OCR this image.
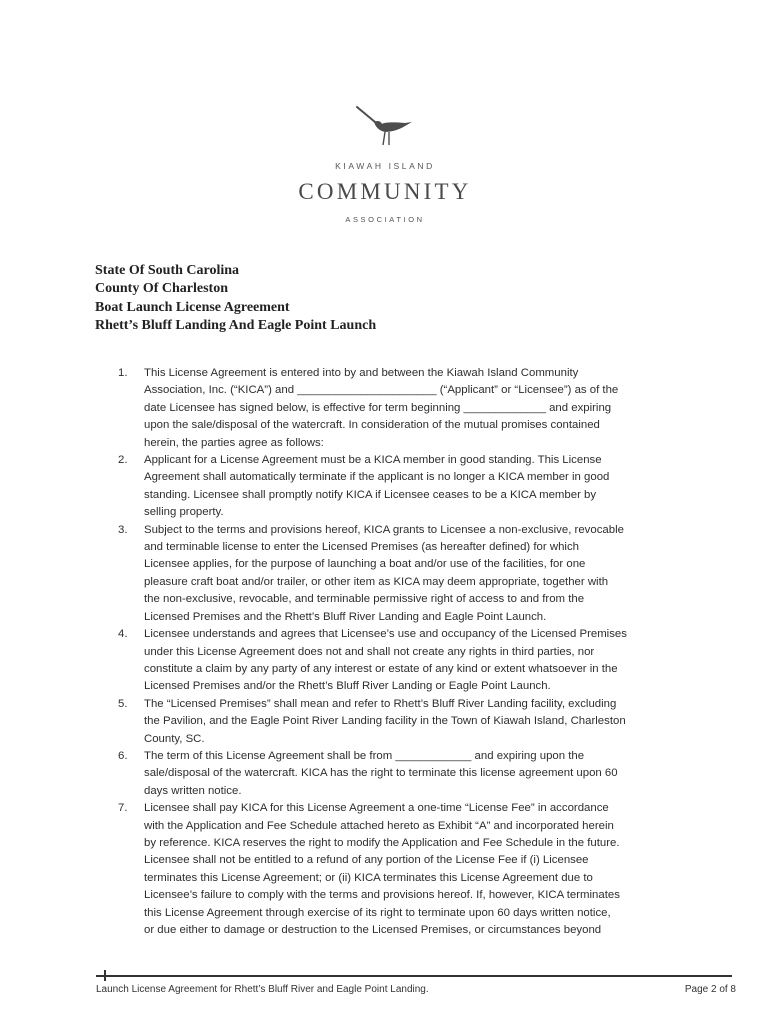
KIAWAH ISLAND
COMMUNITY
ASSOCIATION
State Of South Carolina
County Of Charleston
Boat Launch License Agreement
Rhett’s Bluff Landing And Eagle Point Launch
1. This License Agreement is entered into by and between the Kiawah Island Community
Association, Inc. (“KICA”) and ______________________ (“Applicant” or “Licensee”) as of the
date Licensee has signed below, is effective for term beginning _____________ and expiring
upon the sale/disposal of the watercraft. In consideration of the mutual promises contained
herein, the parties agree as follows:
2. Applicant for a License Agreement must be a KICA member in good standing. This License
Agreement shall automatically terminate if the applicant is no longer a KICA member in good
standing. Licensee shall promptly notify KICA if Licensee ceases to be a KICA member by
selling property.
3. Subject to the terms and provisions hereof, KICA grants to Licensee a non-exclusive, revocable
and terminable license to enter the Licensed Premises (as hereafter defined) for which
Licensee applies, for the purpose of launching a boat and/or use of the facilities, for one
pleasure craft boat and/or trailer, or other item as KICA may deem appropriate, together with
the non-exclusive, revocable, and terminable permissive right of access to and from the
Licensed Premises and the Rhett’s Bluff River Landing and Eagle Point Launch.
4. Licensee understands and agrees that Licensee’s use and occupancy of the Licensed Premises
under this License Agreement does not and shall not create any rights in third parties, nor
constitute a claim by any party of any interest or estate of any kind or extent whatsoever in the
Licensed Premises and/or the Rhett’s Bluff River Landing or Eagle Point Launch.
5. The “Licensed Premises” shall mean and refer to Rhett’s Bluff River Landing facility, excluding
the Pavilion, and the Eagle Point River Landing facility in the Town of Kiawah Island, Charleston
County, SC.
6. The term of this License Agreement shall be from ____________ and expiring upon the
sale/disposal of the watercraft. KICA has the right to terminate this license agreement upon 60
days written notice.
7. Licensee shall pay KICA for this License Agreement a one-time “License Fee” in accordance
with the Application and Fee Schedule attached hereto as Exhibit “A” and incorporated herein
by reference. KICA reserves the right to modify the Application and Fee Schedule in the future.
Licensee shall not be entitled to a refund of any portion of the License Fee if (i) Licensee
terminates this License Agreement; or (ii) KICA terminates this License Agreement due to
Licensee’s failure to comply with the terms and provisions hereof. If, however, KICA terminates
this License Agreement through exercise of its right to terminate upon 60 days written notice,
or due either to damage or destruction to the Licensed Premises, or circumstances beyond
Launch License Agreement for Rhett’s Bluff River and Eagle Point Landing.	Page 2 of 8
